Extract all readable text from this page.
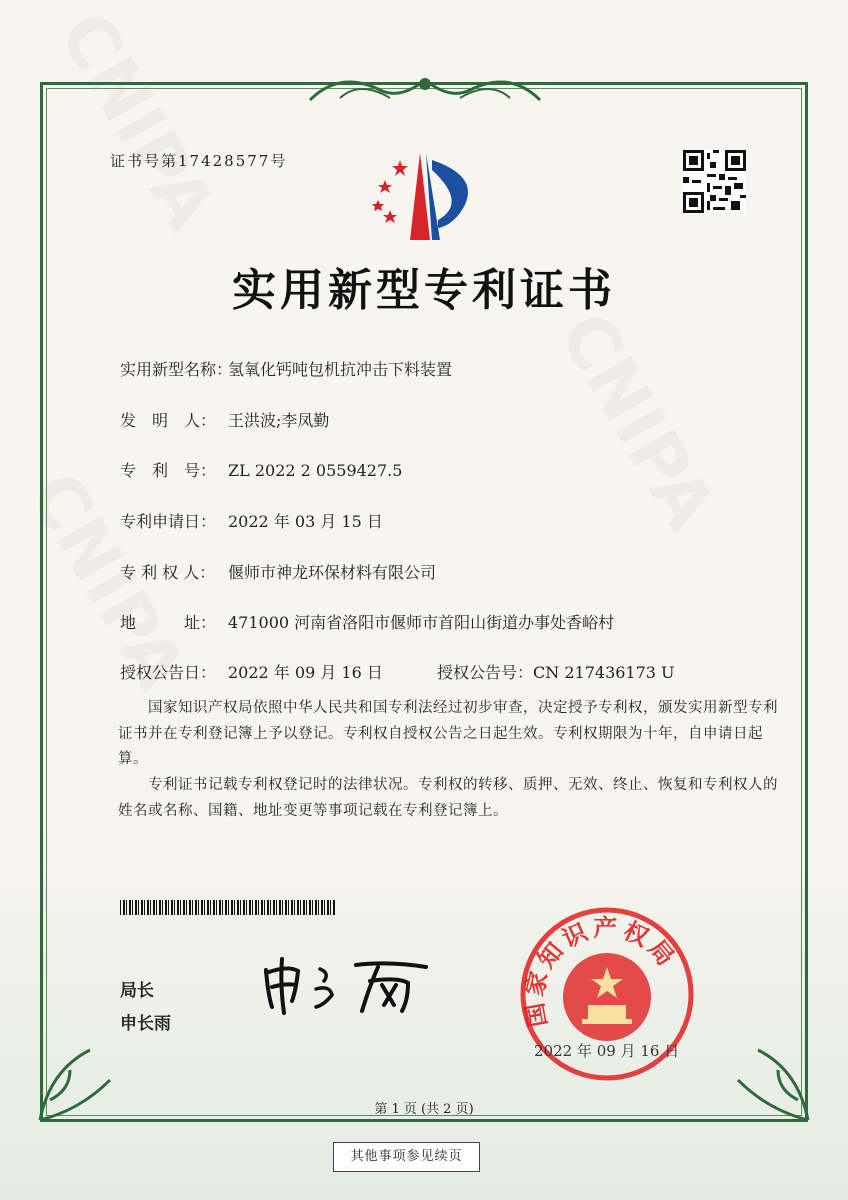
证书号第17428577号
实用新型专利证书
实用新型名称：氢氧化钙吨包机抗冲击下料装置
发　明　人： 王洪波;李凤勤
专　利　号： ZL 2022 2 0559427.5
专利申请日： 2022 年 03 月 15 日
专 利 权 人： 偃师市神龙环保材料有限公司
地　　　址： 471000 河南省洛阳市偃师市首阳山街道办事处香峪村
授权公告日： 2022 年 09 月 16 日	授权公告号：CN 217436173 U
国家知识产权局依照中华人民共和国专利法经过初步审查，决定授予专利权，颁发实用新型专利证书并在专利登记簿上予以登记。专利权自授权公告之日起生效。专利权期限为十年，自申请日起算。
专利证书记载专利权登记时的法律状况。专利权的转移、质押、无效、终止、恢复和专利权人的姓名或名称、国籍、地址变更等事项记载在专利登记簿上。
局长
申长雨	国家知识产权局
2022 年 09 月 16 日
第 1 页 (共 2 页)
其他事项参见续页
